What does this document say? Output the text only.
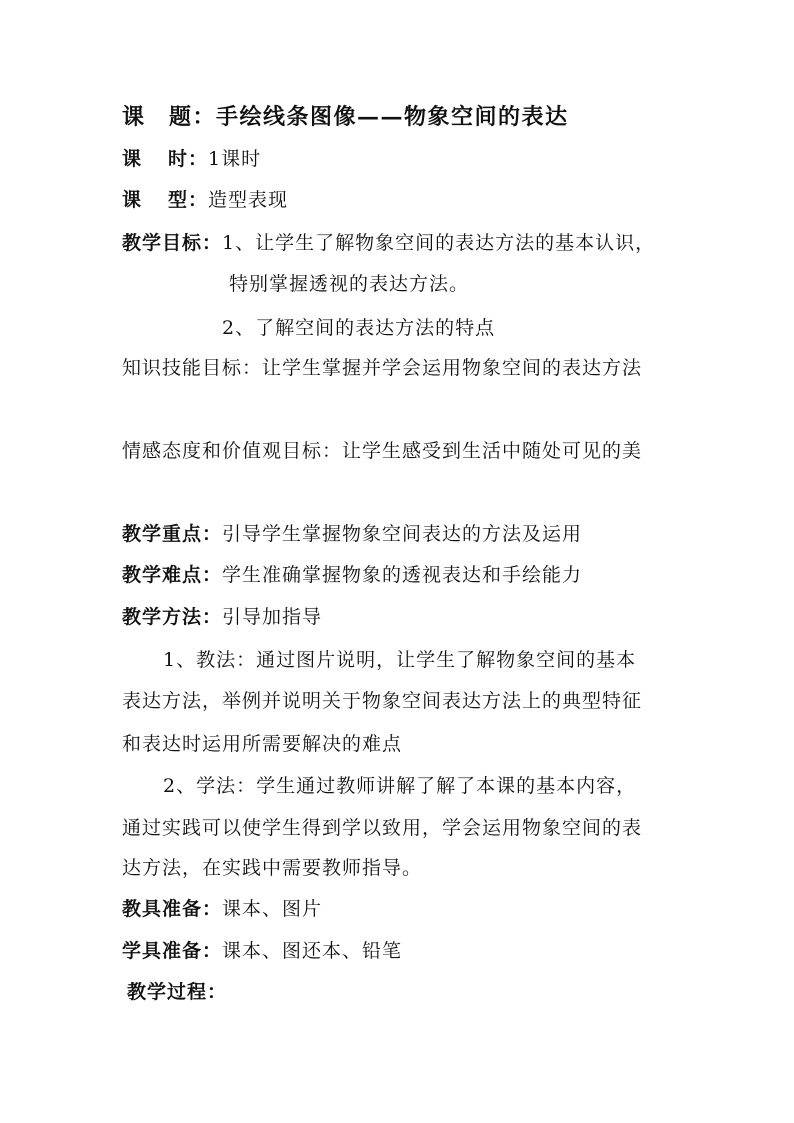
课　题：手绘线条图像——物象空间的表达
课 时：1课时
课 型：造型表现
教学目标：1、让学生了解物象空间的表达方法的基本认识，
特别掌握透视的表达方法。
2、了解空间的表达方法的特点
知识技能目标：让学生掌握并学会运用物象空间的表达方法
情感态度和价值观目标：让学生感受到生活中随处可见的美
教学重点：引导学生掌握物象空间表达的方法及运用
教学难点：学生准确掌握物象的透视表达和手绘能力
教学方法：引导加指导
1、教法：通过图片说明，让学生了解物象空间的基本
表达方法，举例并说明关于物象空间表达方法上的典型特征
和表达时运用所需要解决的难点
2、学法：学生通过教师讲解了解了本课的基本内容，
通过实践可以使学生得到学以致用，学会运用物象空间的表
达方法，在实践中需要教师指导。
教具准备：课本、图片
学具准备：课本、图还本、铅笔
教学过程：
